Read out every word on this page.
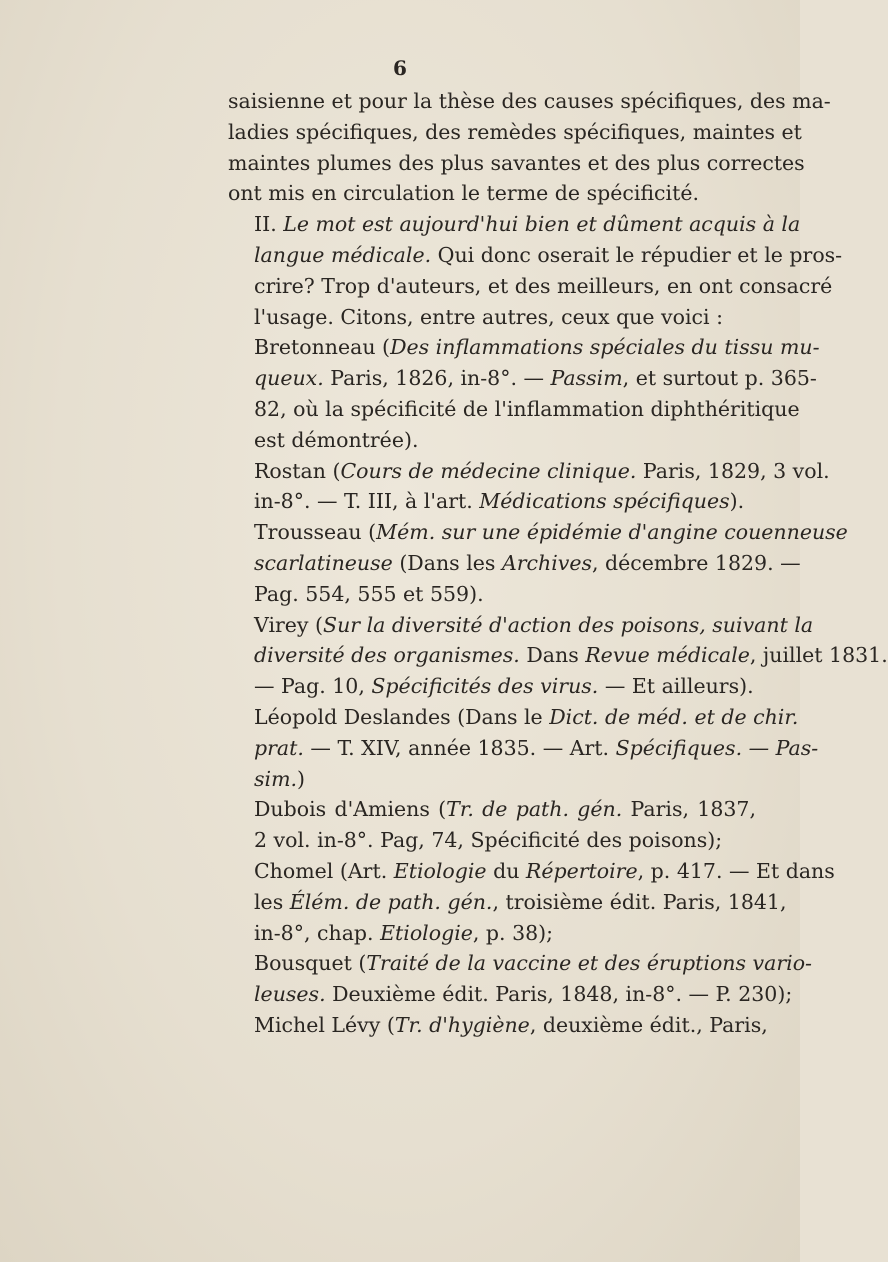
6
saisienne et pour la thèse des causes spécifiques, des ma-
ladies spécifiques, des remèdes spécifiques, maintes et
maintes plumes des plus savantes et des plus correctes
ont mis en circulation le terme de spécificité.
II. Le mot est aujourd'hui bien et dûment acquis à la
langue médicale. Qui donc oserait le répudier et le pros-
crire? Trop d'auteurs, et des meilleurs, en ont consacré
l'usage. Citons, entre autres, ceux que voici :
Bretonneau (Des inflammations spéciales du tissu mu-
queux. Paris, 1826, in-8°. — Passim, et surtout p. 365-
82, où la spécificité de l'inflammation diphthéritique
est démontrée).
Rostan (Cours de médecine clinique. Paris, 1829, 3 vol.
in-8°. — T. III, à l'art. Médications spécifiques).
Trousseau (Mém. sur une épidémie d'angine couenneuse
scarlatineuse (Dans les Archives, décembre 1829. —
Pag. 554, 555 et 559).
Virey (Sur la diversité d'action des poisons, suivant la
diversité des organismes. Dans Revue médicale, juillet 1831.
— Pag. 10, Spécificités des virus. — Et ailleurs).
Léopold Deslandes (Dans le Dict. de méd. et de chir.
prat. — T. XIV, année 1835. — Art. Spécifiques. — Pas-
sim.)
Dubois d'Amiens (Tr. de path. gén. Paris, 1837,
2 vol. in-8°. Pag, 74, Spécificité des poisons);
Chomel (Art. Etiologie du Répertoire, p. 417. — Et dans
les Élém. de path. gén., troisième édit. Paris, 1841,
in-8°, chap. Etiologie, p. 38);
Bousquet (Traité de la vaccine et des éruptions vario-
leuses. Deuxième édit. Paris, 1848, in-8°. — P. 230);
Michel Lévy (Tr. d'hygiène, deuxième édit., Paris,
